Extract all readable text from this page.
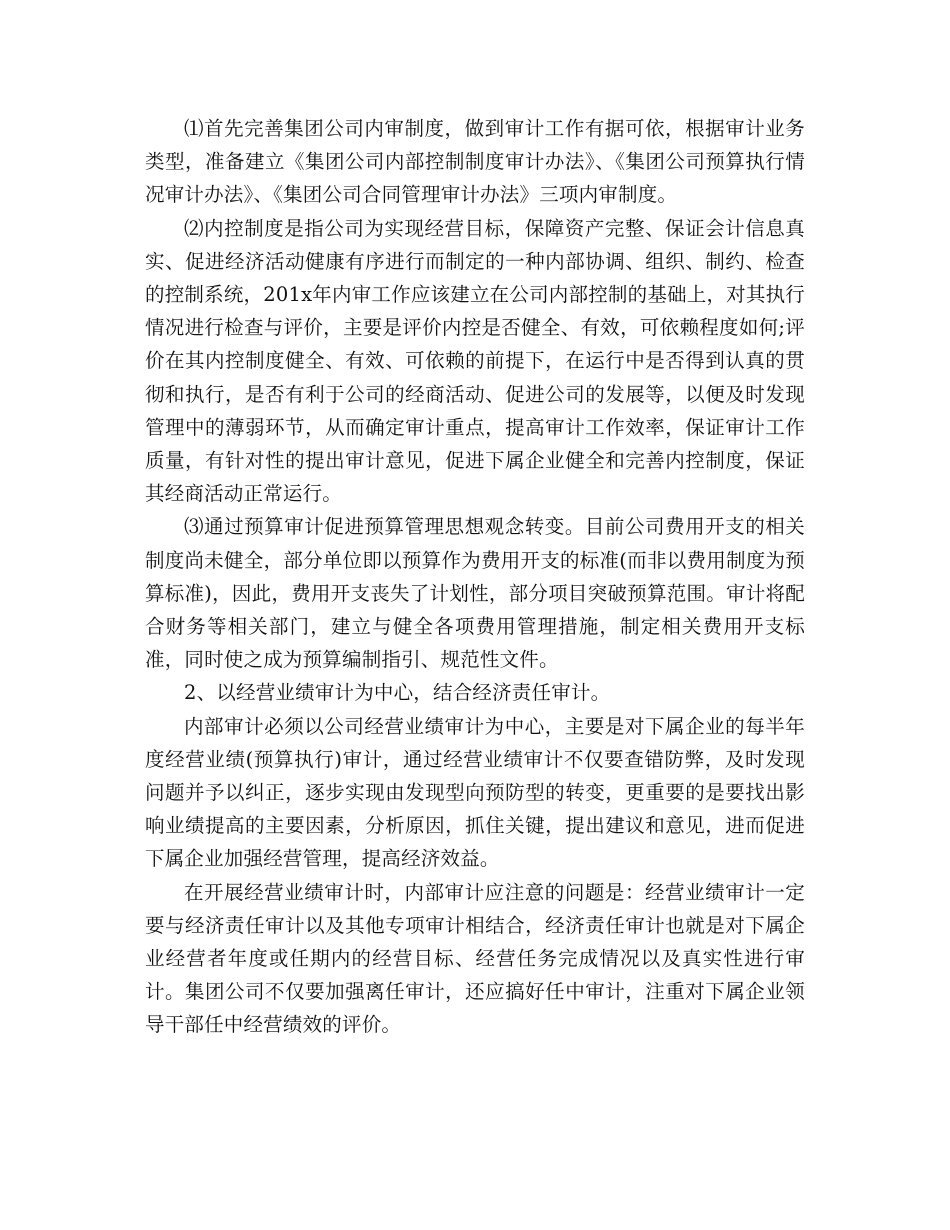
⑴首先完善集团公司内审制度，做到审计工作有据可依，根据审计业务类型，准备建立《集团公司内部控制制度审计办法》、《集团公司预算执行情况审计办法》、《集团公司合同管理审计办法》三项内审制度。

⑵内控制度是指公司为实现经营目标，保障资产完整、保证会计信息真实、促进经济活动健康有序进行而制定的一种内部协调、组织、制约、检查的控制系统，201x年内审工作应该建立在公司内部控制的基础上，对其执行情况进行检查与评价，主要是评价内控是否健全、有效，可依赖程度如何;评价在其内控制度健全、有效、可依赖的前提下，在运行中是否得到认真的贯彻和执行，是否有利于公司的经商活动、促进公司的发展等，以便及时发现管理中的薄弱环节，从而确定审计重点，提高审计工作效率，保证审计工作质量，有针对性的提出审计意见，促进下属企业健全和完善内控制度，保证其经商活动正常运行。

⑶通过预算审计促进预算管理思想观念转变。目前公司费用开支的相关制度尚未健全，部分单位即以预算作为费用开支的标准(而非以费用制度为预算标准)，因此，费用开支丧失了计划性，部分项目突破预算范围。审计将配合财务等相关部门，建立与健全各项费用管理措施，制定相关费用开支标准，同时使之成为预算编制指引、规范性文件。

2、以经营业绩审计为中心，结合经济责任审计。

内部审计必须以公司经营业绩审计为中心，主要是对下属企业的每半年度经营业绩(预算执行)审计，通过经营业绩审计不仅要查错防弊，及时发现问题并予以纠正，逐步实现由发现型向预防型的转变，更重要的是要找出影响业绩提高的主要因素，分析原因，抓住关键，提出建议和意见，进而促进下属企业加强经营管理，提高经济效益。

在开展经营业绩审计时，内部审计应注意的问题是：经营业绩审计一定要与经济责任审计以及其他专项审计相结合，经济责任审计也就是对下属企业经营者年度或任期内的经营目标、经营任务完成情况以及真实性进行审计。集团公司不仅要加强离任审计，还应搞好任中审计，注重对下属企业领导干部任中经营绩效的评价。
